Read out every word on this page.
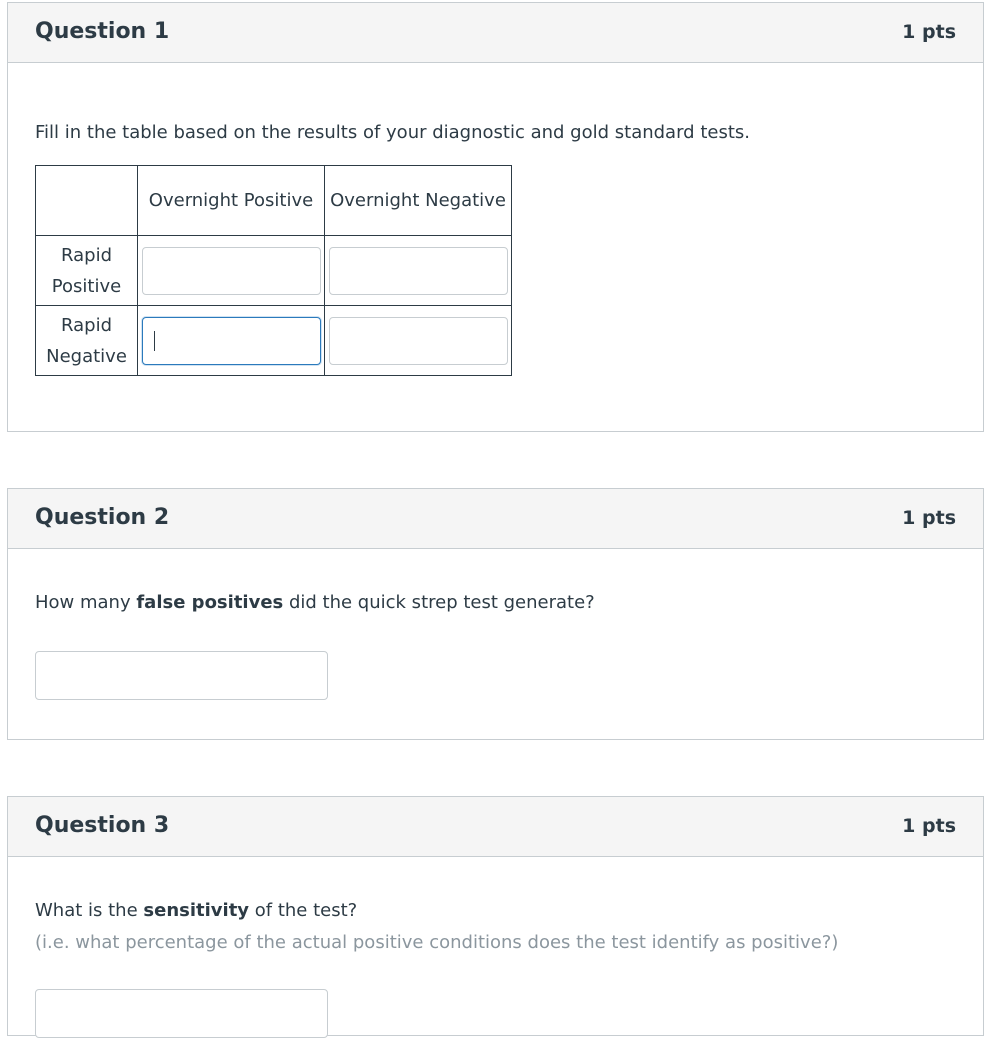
Question 1	1 pts
Fill in the table based on the results of your diagnostic and gold standard tests.
	Overnight Positive	Overnight Negative
Rapid
Positive	

Rapid
Negative	

Question 2	1 pts
How many false positives did the quick strep test generate?
Question 3	1 pts
What is the sensitivity of the test?
(i.e. what percentage of the actual positive conditions does the test identify as positive?)
